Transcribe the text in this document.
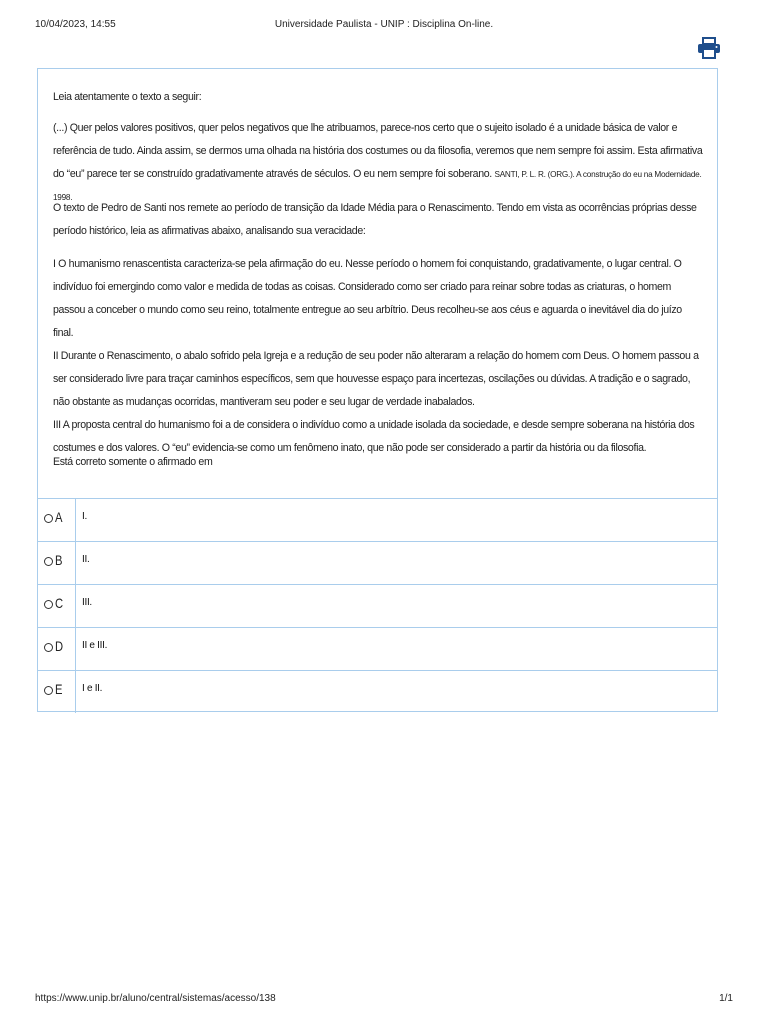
10/04/2023, 14:55	Universidade Paulista - UNIP : Disciplina On-line.

Leia atentamente o texto a seguir:

(...) Quer pelos valores positivos, quer pelos negativos que lhe atribuamos, parece-nos certo que o sujeito isolado é a unidade básica de valor e referência de tudo. Ainda assim, se dermos uma olhada na história dos costumes ou da filosofia, veremos que nem sempre foi assim. Esta afirmativa do “eu” parece ter se construído gradativamente através de séculos. O eu nem sempre foi soberano. SANTI, P. L. R. (ORG.). A construção do eu na Modernidade. 1998.

O texto de Pedro de Santi nos remete ao período de transição da Idade Média para o Renascimento. Tendo em vista as ocorrências próprias desse período histórico, leia as afirmativas abaixo, analisando sua veracidade:

I O humanismo renascentista caracteriza-se pela afirmação do eu. Nesse período o homem foi conquistando, gradativamente, o lugar central. O indivíduo foi emergindo como valor e medida de todas as coisas. Considerado como ser criado para reinar sobre todas as criaturas, o homem passou a conceber o mundo como seu reino, totalmente entregue ao seu arbítrio. Deus recolheu-se aos céus e aguarda o inevitável dia do juízo final.

II Durante o Renascimento, o abalo sofrido pela Igreja e a redução de seu poder não alteraram a relação do homem com Deus. O homem passou a ser considerado livre para traçar caminhos específicos, sem que houvesse espaço para incertezas, oscilações ou dúvidas. A tradição e o sagrado, não obstante as mudanças ocorridas, mantiveram seu poder e seu lugar de verdade inabalados.

III A proposta central do humanismo foi a de considera o indivíduo como a unidade isolada da sociedade, e desde sempre soberana na história dos costumes e dos valores. O “eu” evidencia-se como um fenômeno inato, que não pode ser considerado a partir da história ou da filosofia.

Está correto somente o afirmado em

A I.
B II.
C III.
D II e III.
E I e II.
https://www.unip.br/aluno/central/sistemas/acesso/138	1/1
